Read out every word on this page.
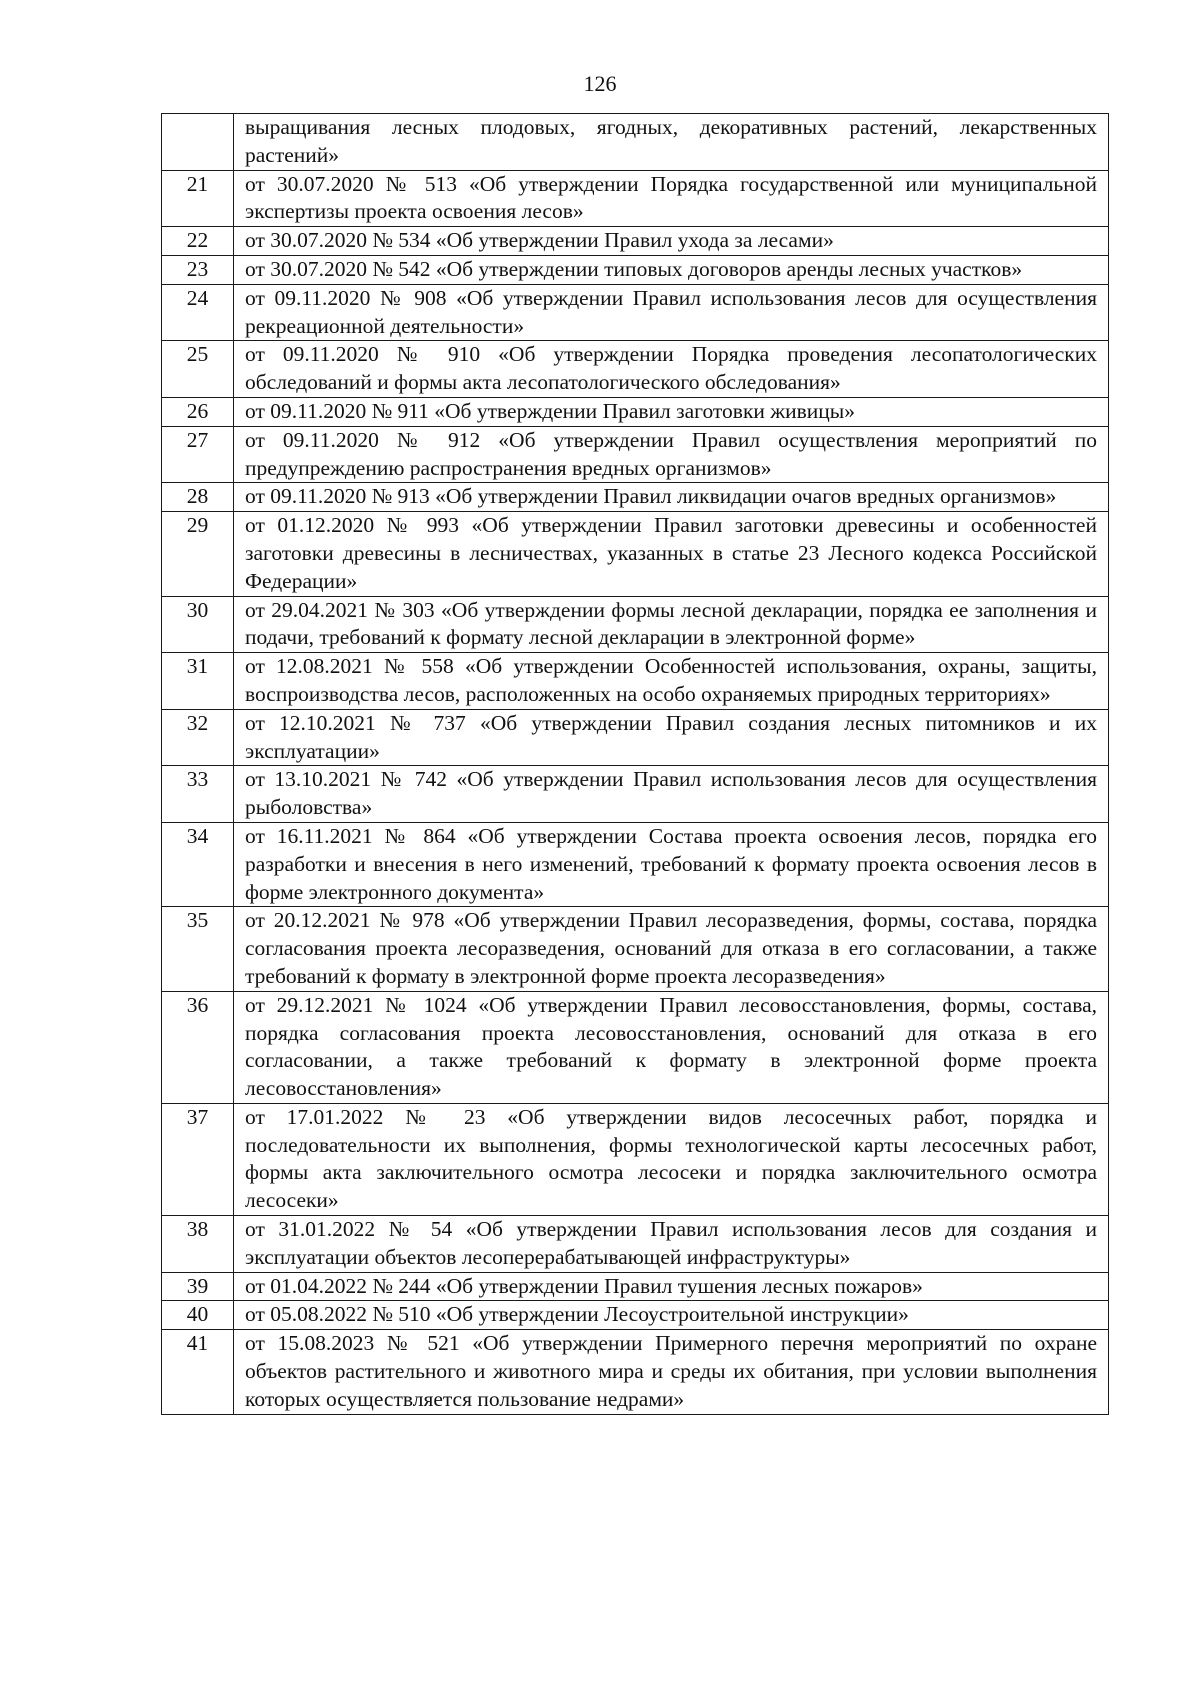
126
	выращивания лесных плодовых, ягодных, декоративных растений, лекарственных растений»
21	от 30.07.2020 № 513 «Об утверждении Порядка государственной или муниципальной экспертизы проекта освоения лесов»
22	от 30.07.2020 № 534 «Об утверждении Правил ухода за лесами»
23	от 30.07.2020 № 542 «Об утверждении типовых договоров аренды лесных участков»
24	от 09.11.2020 № 908 «Об утверждении Правил использования лесов для осуществления рекреационной деятельности»
25	от 09.11.2020 № 910 «Об утверждении Порядка проведения лесопатологических обследований и формы акта лесопатологического обследования»
26	от 09.11.2020 № 911 «Об утверждении Правил заготовки живицы»
27	от 09.11.2020 № 912 «Об утверждении Правил осуществления мероприятий по предупреждению распространения вредных организмов»
28	от 09.11.2020 № 913 «Об утверждении Правил ликвидации очагов вредных организмов»
29	от 01.12.2020 № 993 «Об утверждении Правил заготовки древесины и особенностей заготовки древесины в лесничествах, указанных в статье 23 Лесного кодекса Российской Федерации»
30	от 29.04.2021 № 303 «Об утверждении формы лесной декларации, порядка ее заполнения и подачи, требований к формату лесной декларации в электронной форме»
31	от 12.08.2021 № 558 «Об утверждении Особенностей использования, охраны, защиты, воспроизводства лесов, расположенных на особо охраняемых природных территориях»
32	от 12.10.2021 № 737 «Об утверждении Правил создания лесных питомников и их эксплуатации»
33	от 13.10.2021 № 742 «Об утверждении Правил использования лесов для осуществления рыболовства»
34	от 16.11.2021 № 864 «Об утверждении Состава проекта освоения лесов, порядка его разработки и внесения в него изменений, требований к формату проекта освоения лесов в форме электронного документа»
35	от 20.12.2021 № 978 «Об утверждении Правил лесоразведения, формы, состава, порядка согласования проекта лесоразведения, оснований для отказа в его согласовании, а также требований к формату в электронной форме проекта лесоразведения»
36	от 29.12.2021 № 1024 «Об утверждении Правил лесовосстановления, формы, состава, порядка согласования проекта лесовосстановления, оснований для отказа в его согласовании, а также требований к формату в электронной форме проекта лесовосстановления»
37	от 17.01.2022 № 23 «Об утверждении видов лесосечных работ, порядка и последовательности их выполнения, формы технологической карты лесосечных работ, формы акта заключительного осмотра лесосеки и порядка заключительного осмотра лесосеки»
38	от 31.01.2022 № 54 «Об утверждении Правил использования лесов для создания и эксплуатации объектов лесоперерабатывающей инфраструктуры»
39	от 01.04.2022 № 244 «Об утверждении Правил тушения лесных пожаров»
40	от 05.08.2022 № 510 «Об утверждении Лесоустроительной инструкции»
41	от 15.08.2023 № 521 «Об утверждении Примерного перечня мероприятий по охране объектов растительного и животного мира и среды их обитания, при условии выполнения которых осуществляется пользование недрами»
